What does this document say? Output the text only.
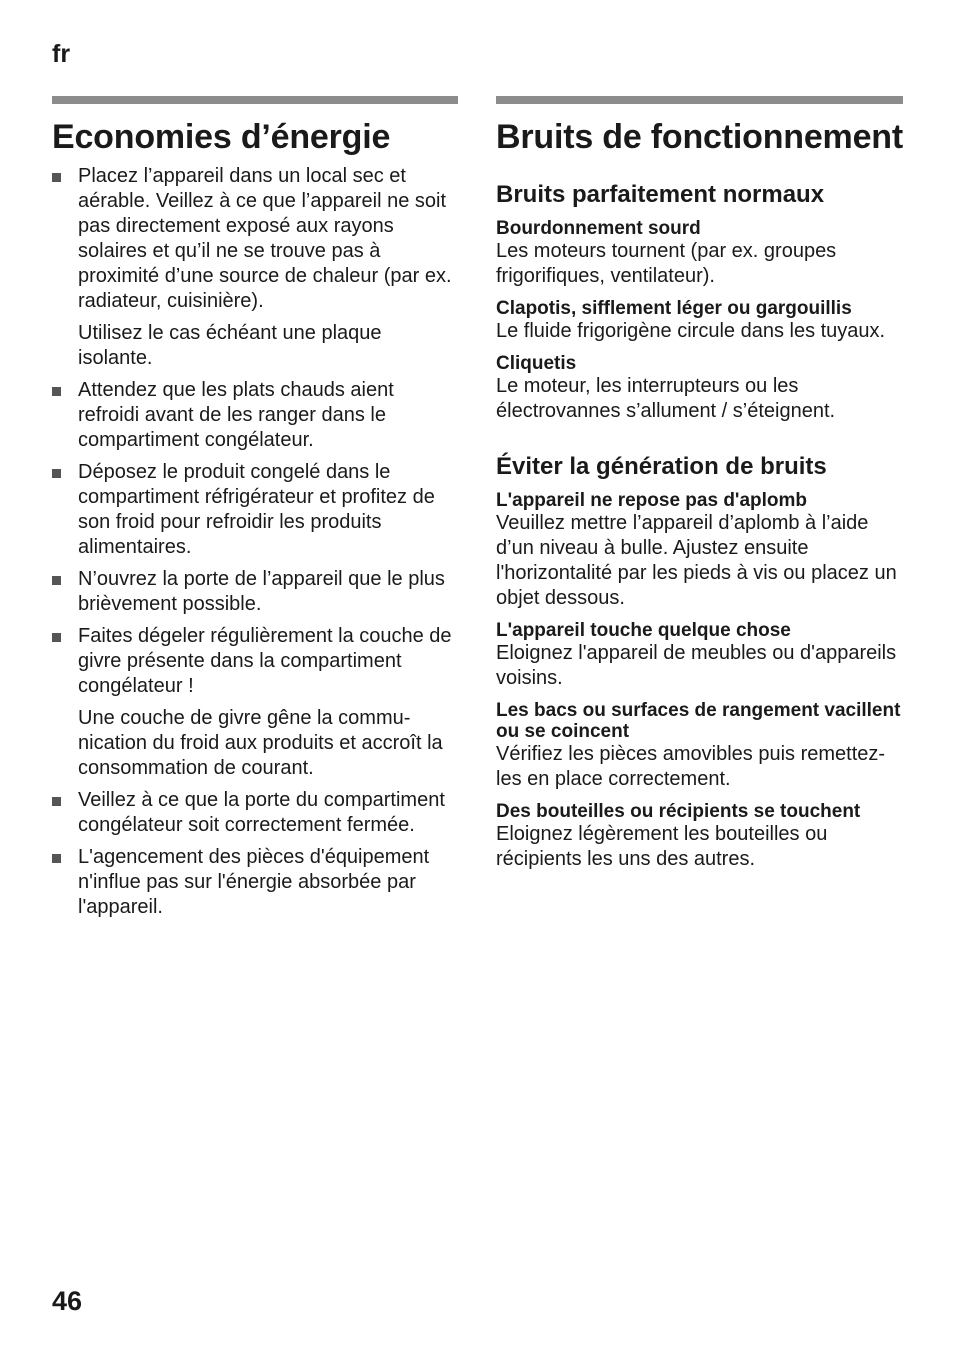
fr
Economies d’énergie

Placez l’appareil dans un local sec et aérable. Veillez à ce que l’appareil ne soit pas directement exposé aux rayons solaires et qu’il ne se trouve pas à proximité d’une source de chaleur (par ex. radiateur, cuisinière).

Utilisez le cas échéant une plaque isolante.

Attendez que les plats chauds aient refroidi avant de les ranger dans le compartiment congélateur.

Déposez le produit congelé dans le compartiment réfrigérateur et profitez de son froid pour refroidir les produits alimentaires.

N’ouvrez la porte de l’appareil que le plus brièvement possible.

Faites dégeler régulièrement la couche de givre présente dans la compartiment congélateur !

Une couche de givre gêne la commu- nication du froid aux produits et accroît la consommation de courant.

Veillez à ce que la porte du compartiment congélateur soit correctement fermée.

L'agencement des pièces d'équipement n'influe pas sur l'énergie absorbée par l'appareil.

Bruits de fonctionnement
Bruits parfaitement normaux
Bourdonnement sourd
Les moteurs tournent (par ex. groupes frigorifiques, ventilateur).
Clapotis, sifflement léger ou gargouillis
Le fluide frigorigène circule dans les tuyaux.
Cliquetis
Le moteur, les interrupteurs ou les électrovannes s’allument / s’éteignent.
Éviter la génération de bruits
L'appareil ne repose pas d'aplomb
Veuillez mettre l’appareil d’aplomb à l’aide d’un niveau à bulle. Ajustez ensuite l'horizontalité par les pieds à vis ou placez un objet dessous.
L'appareil touche quelque chose
Eloignez l'appareil de meubles ou d'appareils voisins.
Les bacs ou surfaces de rangement vacillent ou se coincent
Vérifiez les pièces amovibles puis remettez-les en place correctement.
Des bouteilles ou récipients se touchent
Eloignez légèrement les bouteilles ou récipients les uns des autres.
46
